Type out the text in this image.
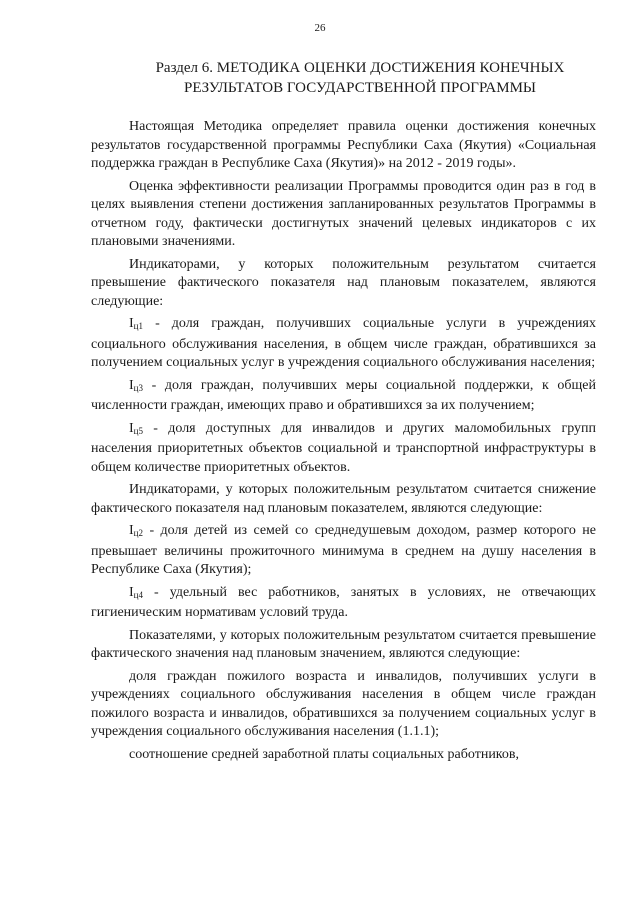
26
Раздел 6. МЕТОДИКА ОЦЕНКИ ДОСТИЖЕНИЯ КОНЕЧНЫХ
РЕЗУЛЬТАТОВ ГОСУДАРСТВЕННОЙ ПРОГРАММЫ

Настоящая Методика определяет правила оценки достижения конечных результатов государственной программы Республики Саха (Якутия) «Социальная поддержка граждан в Республике Саха (Якутия)» на 2012 - 2019 годы».

Оценка эффективности реализации Программы проводится один раз в год в целях выявления степени достижения запланированных результатов Программы в отчетном году, фактически достигнутых значений целевых индикаторов с их плановыми значениями.

Индикаторами, у которых положительным результатом считается превышение фактического показателя над плановым показателем, являются следующие:

$I_{ц1}$ - доля граждан, получивших социальные услуги в учреждениях социального обслуживания населения, в общем числе граждан, обратившихся за получением социальных услуг в учреждения социального обслуживания населения;

$I_{ц3}$ - доля граждан, получивших меры социальной поддержки, к общей численности граждан, имеющих право и обратившихся за их получением;

$I_{ц5}$ - доля доступных для инвалидов и других маломобильных групп населения приоритетных объектов социальной и транспортной инфраструктуры в общем количестве приоритетных объектов.

Индикаторами, у которых положительным результатом считается снижение фактического показателя над плановым показателем, являются следующие:

$I_{ц2}$ - доля детей из семей со среднедушевым доходом, размер которого не превышает величины прожиточного минимума в среднем на душу населения в Республике Саха (Якутия);

$I_{ц4}$ - удельный вес работников, занятых в условиях, не отвечающих гигиеническим нормативам условий труда.

Показателями, у которых положительным результатом считается превышение фактического значения над плановым значением, являются следующие:

доля граждан пожилого возраста и инвалидов, получивших услуги в учреждениях социального обслуживания населения в общем числе граждан пожилого возраста и инвалидов, обратившихся за получением социальных услуг в учреждения социального обслуживания населения (1.1.1);

соотношение средней заработной платы социальных работников,
